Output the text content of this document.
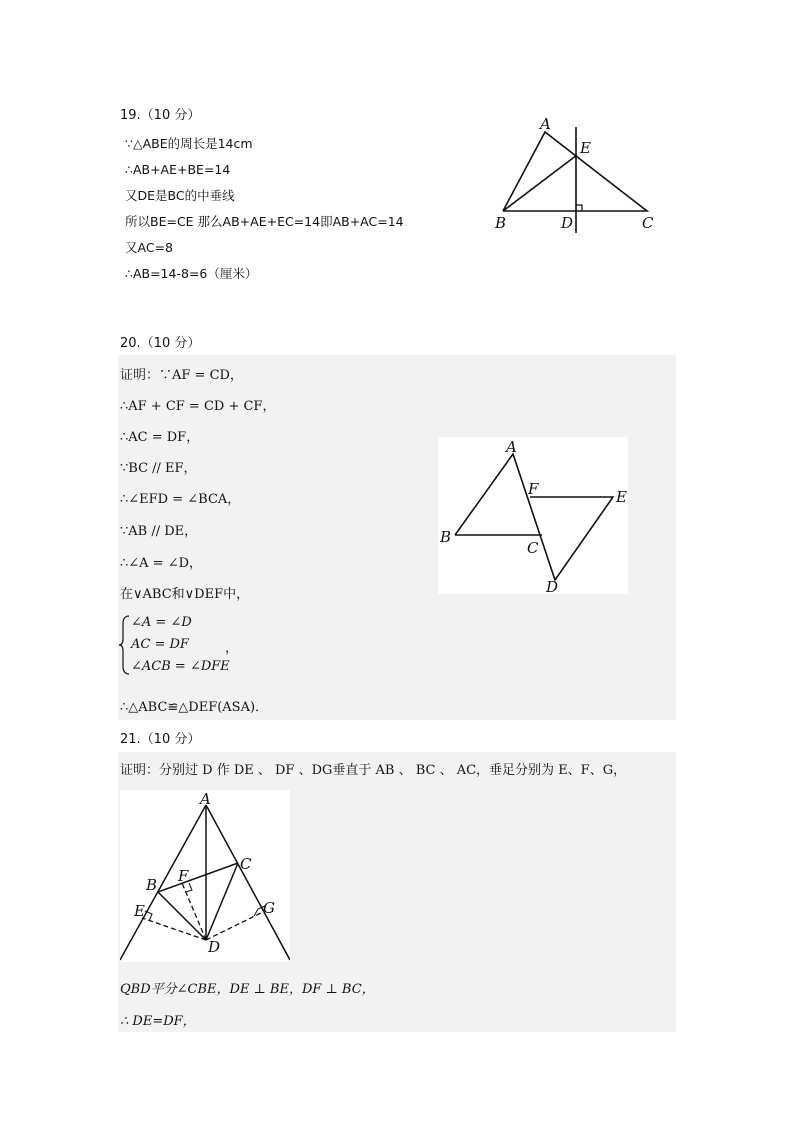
19.（10 分）
∵△ABE的周长是14cm
∴AB+AE+BE=14
又DE是BC的中垂线
所以BE=CE 那么AB+AE+EC=14即AB+AC=14
又AC=8
∴AB=14-8=6（厘米）
A
E
B	D	C
20.（10 分）
证明：∵AF = CD，
∴AF + CF = CD + CF，
∴AC = DF，
∵BC // EF，
∴∠EFD = ∠BCA，
∵AB // DE，
∴∠A = ∠D，
在∨ABC和∨DEF中，
∠A = ∠D
AC = DF	，
∠ACB = ∠DFE
∴△ABC≌△DEF(ASA)．
A
F	E
B
C
D
21.（10 分）
证明：分别过 D 作 DE 、 DF 、DG垂直于 AB 、 BC 、 AC，垂足分别为 E、F、G，
A
B
C
F
E	G
D
QBD平分∠CBE，DE ⊥ BE，DF ⊥ BC，
∴ DE=DF，
